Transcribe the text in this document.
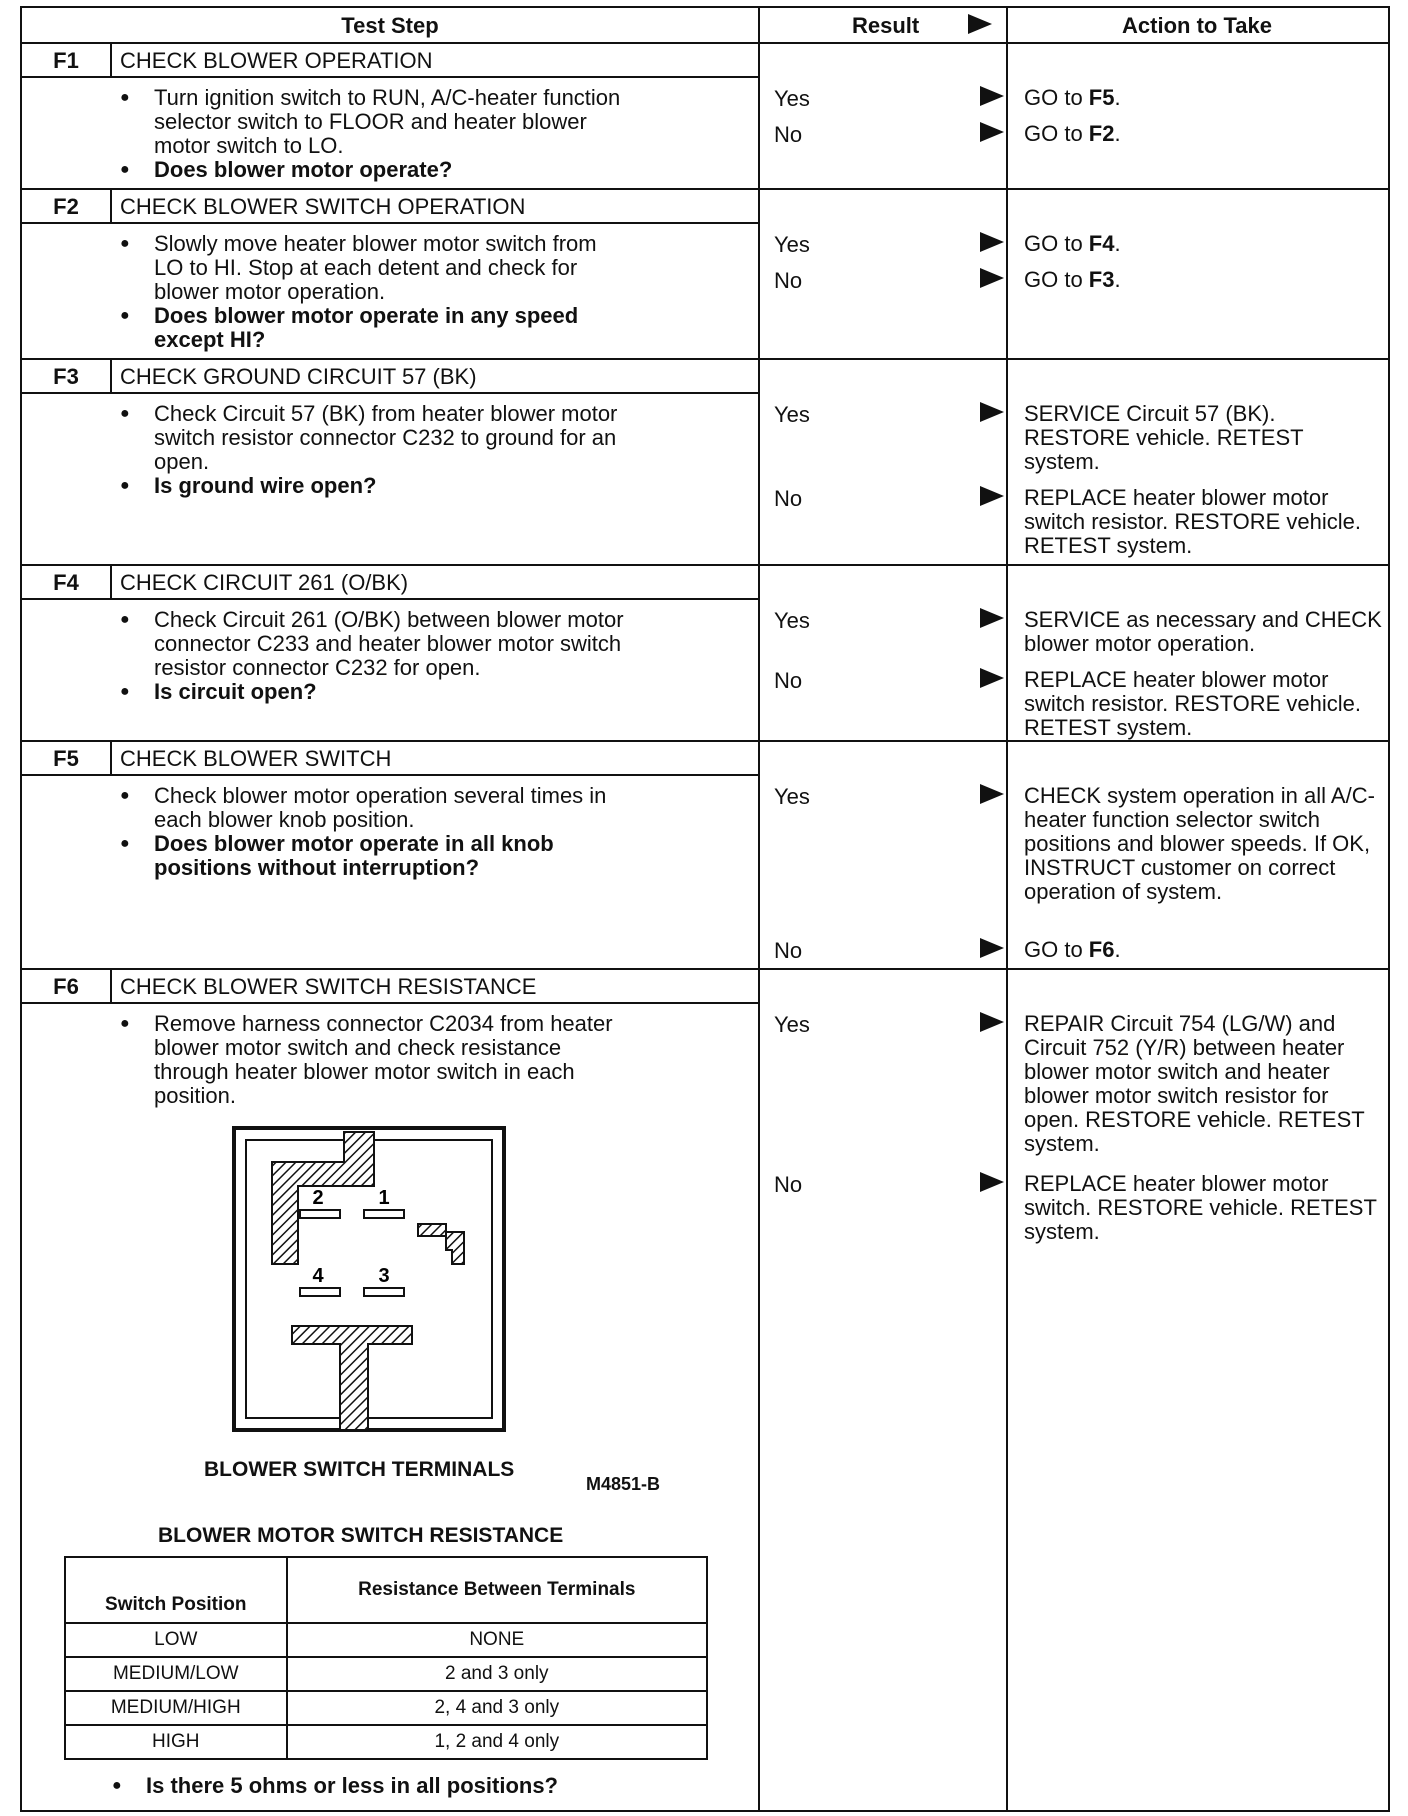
Test Step	Result	Action to Take
F1	CHECK BLOWER OPERATION
● Turn ignition switch to RUN, A/C-heater function selector switch to FLOOR and heater blower motor switch to LO.
● Does blower motor operate?
Yes	GO to F5.
No	GO to F2.
F2	CHECK BLOWER SWITCH OPERATION
● Slowly move heater blower motor switch from LO to HI. Stop at each detent and check for blower motor operation.
● Does blower motor operate in any speed except HI?
Yes	GO to F4.
No	GO to F3.
F3	CHECK GROUND CIRCUIT 57 (BK)
● Check Circuit 57 (BK) from heater blower motor switch resistor connector C232 to ground for an open.
● Is ground wire open?
Yes	SERVICE Circuit 57 (BK). RESTORE vehicle. RETEST system.
No	REPLACE heater blower motor switch resistor. RESTORE vehicle. RETEST system.
F4	CHECK CIRCUIT 261 (O/BK)
● Check Circuit 261 (O/BK) between blower motor connector C233 and heater blower motor switch resistor connector C232 for open.
● Is circuit open?
Yes	SERVICE as necessary and CHECK blower motor operation.
No	REPLACE heater blower motor switch resistor. RESTORE vehicle. RETEST system.
F5	CHECK BLOWER SWITCH
● Check blower motor operation several times in each blower knob position.
● Does blower motor operate in all knob positions without interruption?
Yes	CHECK system operation in all A/C-heater function selector switch positions and blower speeds. If OK, INSTRUCT customer on correct operation of system.
No	GO to F6.
F6	CHECK BLOWER SWITCH RESISTANCE
● Remove harness connector C2034 from heater blower motor switch and check resistance through heater blower motor switch in each position.
Yes	REPAIR Circuit 754 (LG/W) and Circuit 752 (Y/R) between heater blower motor switch and heater blower motor switch resistor for open. RESTORE vehicle. RETEST system.
No	REPLACE heater blower motor switch. RESTORE vehicle. RETEST system.
2	1
4	3
BLOWER SWITCH TERMINALS
M4851-B
BLOWER MOTOR SWITCH RESISTANCE
Switch Position	Resistance Between Terminals
LOW	NONE
MEDIUM/LOW	2 and 3 only
MEDIUM/HIGH	2, 4 and 3 only
HIGH	1, 2 and 4 only
● Is there 5 ohms or less in all positions?
